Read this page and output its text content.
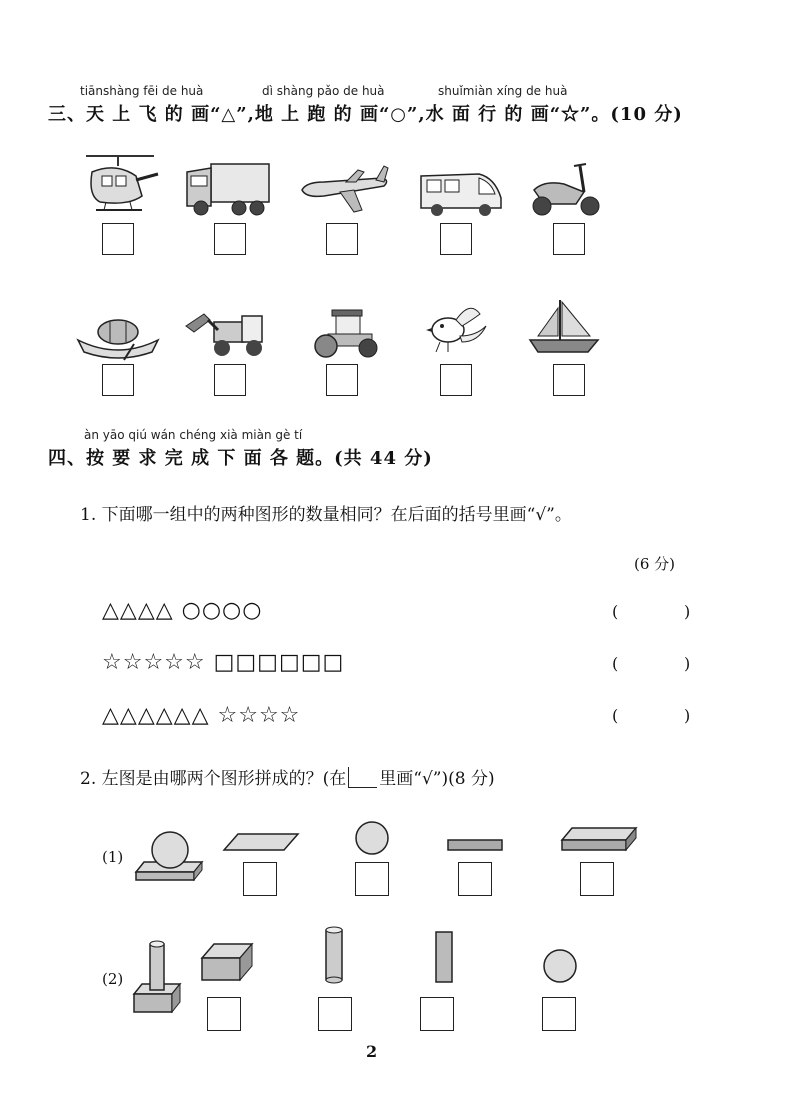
tiānshàng fēi de huà	dì shàng pǎo de huà	shuǐmiàn xíng de huà
三、天 上 飞 的 画“△”,地 上 跑 的 画“○”,水 面 行 的 画“☆”。(10 分)
àn yāo qiú wán chéng xià miàn gè tí
四、按 要 求 完 成 下 面 各 题。(共 44 分)
1. 下面哪一组中的两种图形的数量相同？在后面的括号里画“√”。
(6 分)
△△△△ ○○○○	(	)
☆☆☆☆☆ □□□□□□	(	)
△△△△△△ ☆☆☆☆	(	)
2. 左图是由哪两个图形拼成的？(在 里画“√”)(8 分)
(1)
(2)
2
